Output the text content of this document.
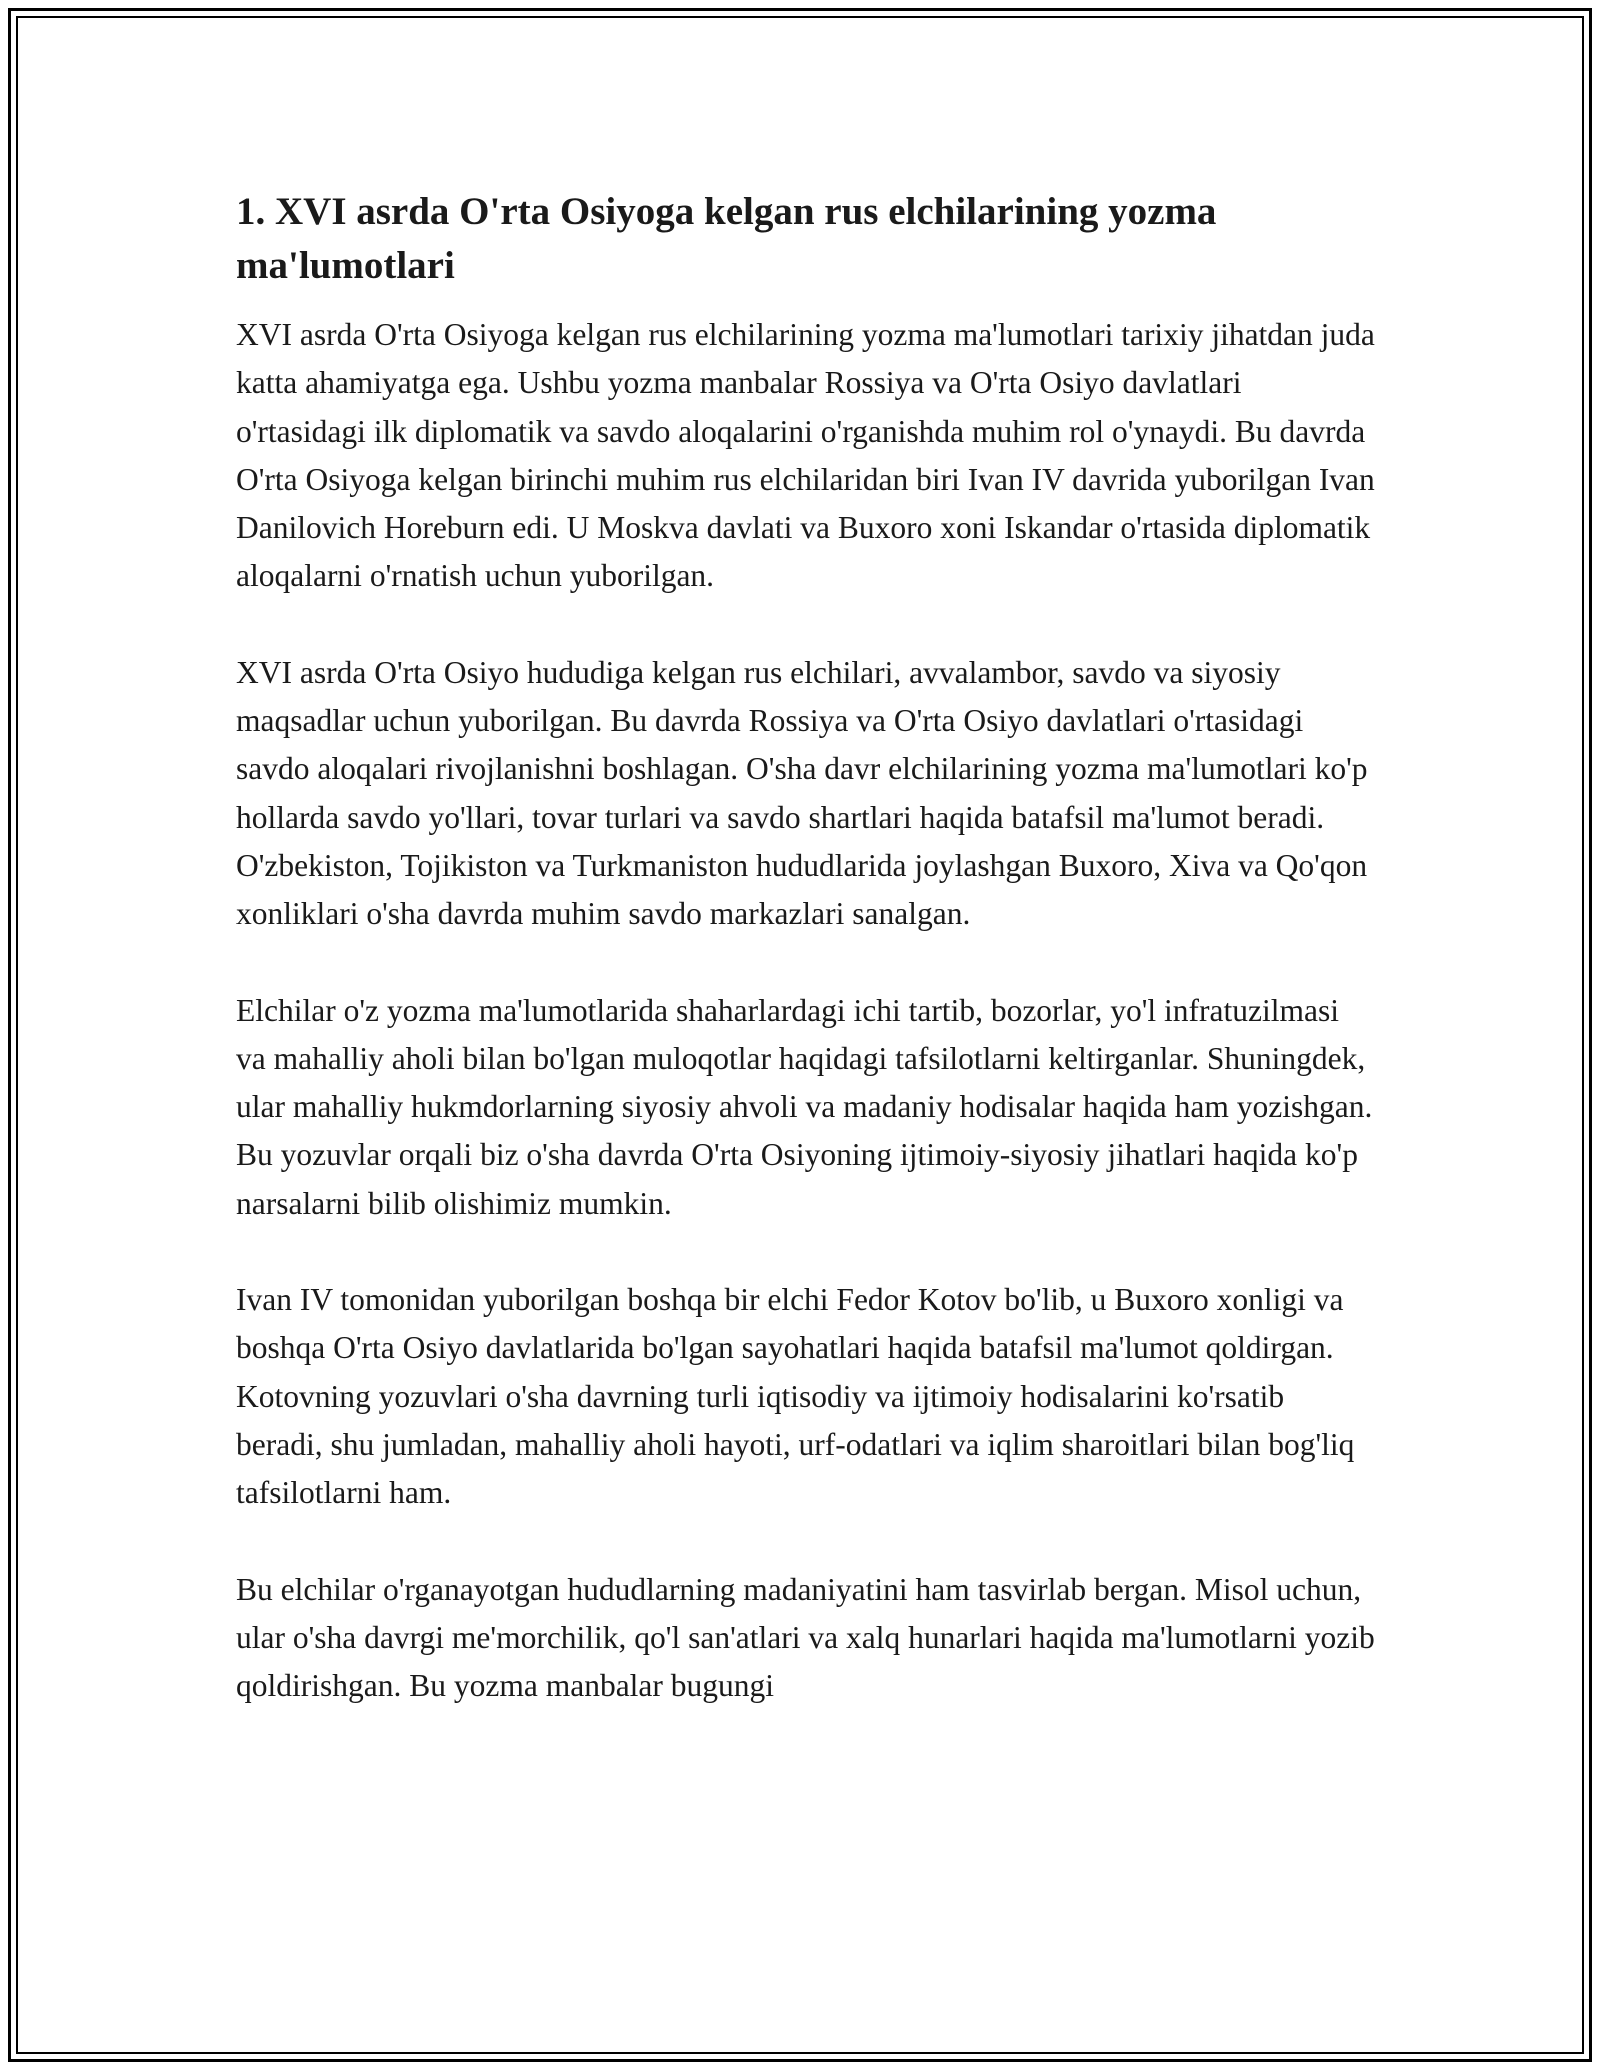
1. XVI asrda O'rta Osiyoga kelgan rus elchilarining yozma ma'lumotlari

XVI asrda O'rta Osiyoga kelgan rus elchilarining yozma ma'lumotlari tarixiy jihatdan juda katta ahamiyatga ega. Ushbu yozma manbalar Rossiya va O'rta Osiyo davlatlari o'rtasidagi ilk diplomatik va savdo aloqalarini o'rganishda muhim rol o'ynaydi. Bu davrda O'rta Osiyoga kelgan birinchi muhim rus elchilaridan biri Ivan IV davrida yuborilgan Ivan Danilovich Horeburn edi. U Moskva davlati va Buxoro xoni Iskandar o'rtasida diplomatik aloqalarni o'rnatish uchun yuborilgan.

XVI asrda O'rta Osiyo hududiga kelgan rus elchilari, avvalambor, savdo va siyosiy maqsadlar uchun yuborilgan. Bu davrda Rossiya va O'rta Osiyo davlatlari o'rtasidagi savdo aloqalari rivojlanishni boshlagan. O'sha davr elchilarining yozma ma'lumotlari ko'p hollarda savdo yo'llari, tovar turlari va savdo shartlari haqida batafsil ma'lumot beradi. O'zbekiston, Tojikiston va Turkmaniston hududlarida joylashgan Buxoro, Xiva va Qo'qon xonliklari o'sha davrda muhim savdo markazlari sanalgan.

Elchilar o'z yozma ma'lumotlarida shaharlardagi ichi tartib, bozorlar, yo'l infratuzilmasi va mahalliy aholi bilan bo'lgan muloqotlar haqidagi tafsilotlarni keltirganlar. Shuningdek, ular mahalliy hukmdorlarning siyosiy ahvoli va madaniy hodisalar haqida ham yozishgan. Bu yozuvlar orqali biz o'sha davrda O'rta Osiyoning ijtimoiy-siyosiy jihatlari haqida ko'p narsalarni bilib olishimiz mumkin.

Ivan IV tomonidan yuborilgan boshqa bir elchi Fedor Kotov bo'lib, u Buxoro xonligi va boshqa O'rta Osiyo davlatlarida bo'lgan sayohatlari haqida batafsil ma'lumot qoldirgan. Kotovning yozuvlari o'sha davrning turli iqtisodiy va ijtimoiy hodisalarini ko'rsatib beradi, shu jumladan, mahalliy aholi hayoti, urf-odatlari va iqlim sharoitlari bilan bog'liq tafsilotlarni ham.

Bu elchilar o'rganayotgan hududlarning madaniyatini ham tasvirlab bergan. Misol uchun, ular o'sha davrgi me'morchilik, qo'l san'atlari va xalq hunarlari haqida ma'lumotlarni yozib qoldirishgan. Bu yozma manbalar bugungi
